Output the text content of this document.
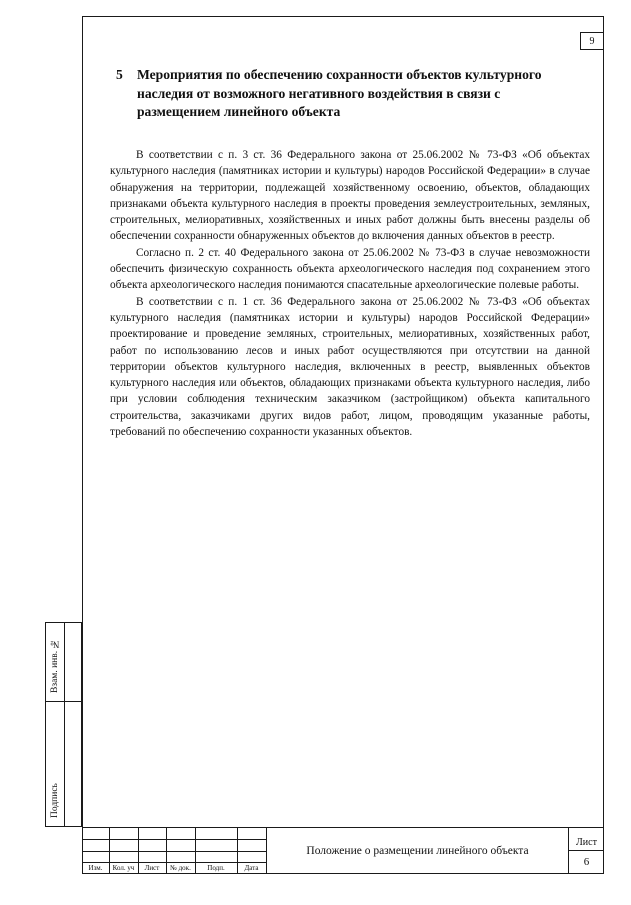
9
5 Мероприятия по обеспечению сохранности объектов культурного наследия от возможного негативного воздействия в связи с размещением линейного объекта

В соответствии с п. 3 ст. 36 Федерального закона от 25.06.2002 № 73-ФЗ «Об объектах культурного наследия (памятниках истории и культуры) народов Российской Федерации» в случае обнаружения на территории, подлежащей хозяйственному освоению, объектов, обладающих признаками объекта культурного наследия в проекты проведения землеустроительных, земляных, строительных, мелиоративных, хозяйственных и иных работ должны быть внесены разделы об обеспечении сохранности обнаруженных объектов до включения данных объектов в реестр.

Согласно п. 2 ст. 40 Федерального закона от 25.06.2002 № 73-ФЗ в случае невозможности обеспечить физическую сохранность объекта археологического наследия под сохранением этого объекта археологического наследия понимаются спасательные археологические полевые работы.

В соответствии с п. 1 ст. 36 Федерального закона от 25.06.2002 № 73-ФЗ «Об объектах культурного наследия (памятниках истории и культуры) народов Российской Федерации» проектирование и проведение земляных, строительных, мелиоративных, хозяйственных работ, работ по использованию лесов и иных работ осуществляются при отсутствии на данной территории объектов культурного наследия, включенных в реестр, выявленных объектов культурного наследия или объектов, обладающих признаками объекта культурного наследия, либо при условии соблюдения техническим заказчиком (застройщиком) объекта капитального строительства, заказчиками других видов работ, лицом, проводящим указанные работы, требований по обеспечению сохранности указанных объектов.

Взам. инв. №
Подпись
Изм.	Кол. уч	Лист	№ док.	Подп.	Дата
Положение о размещении линейного объекта
Лист
6
